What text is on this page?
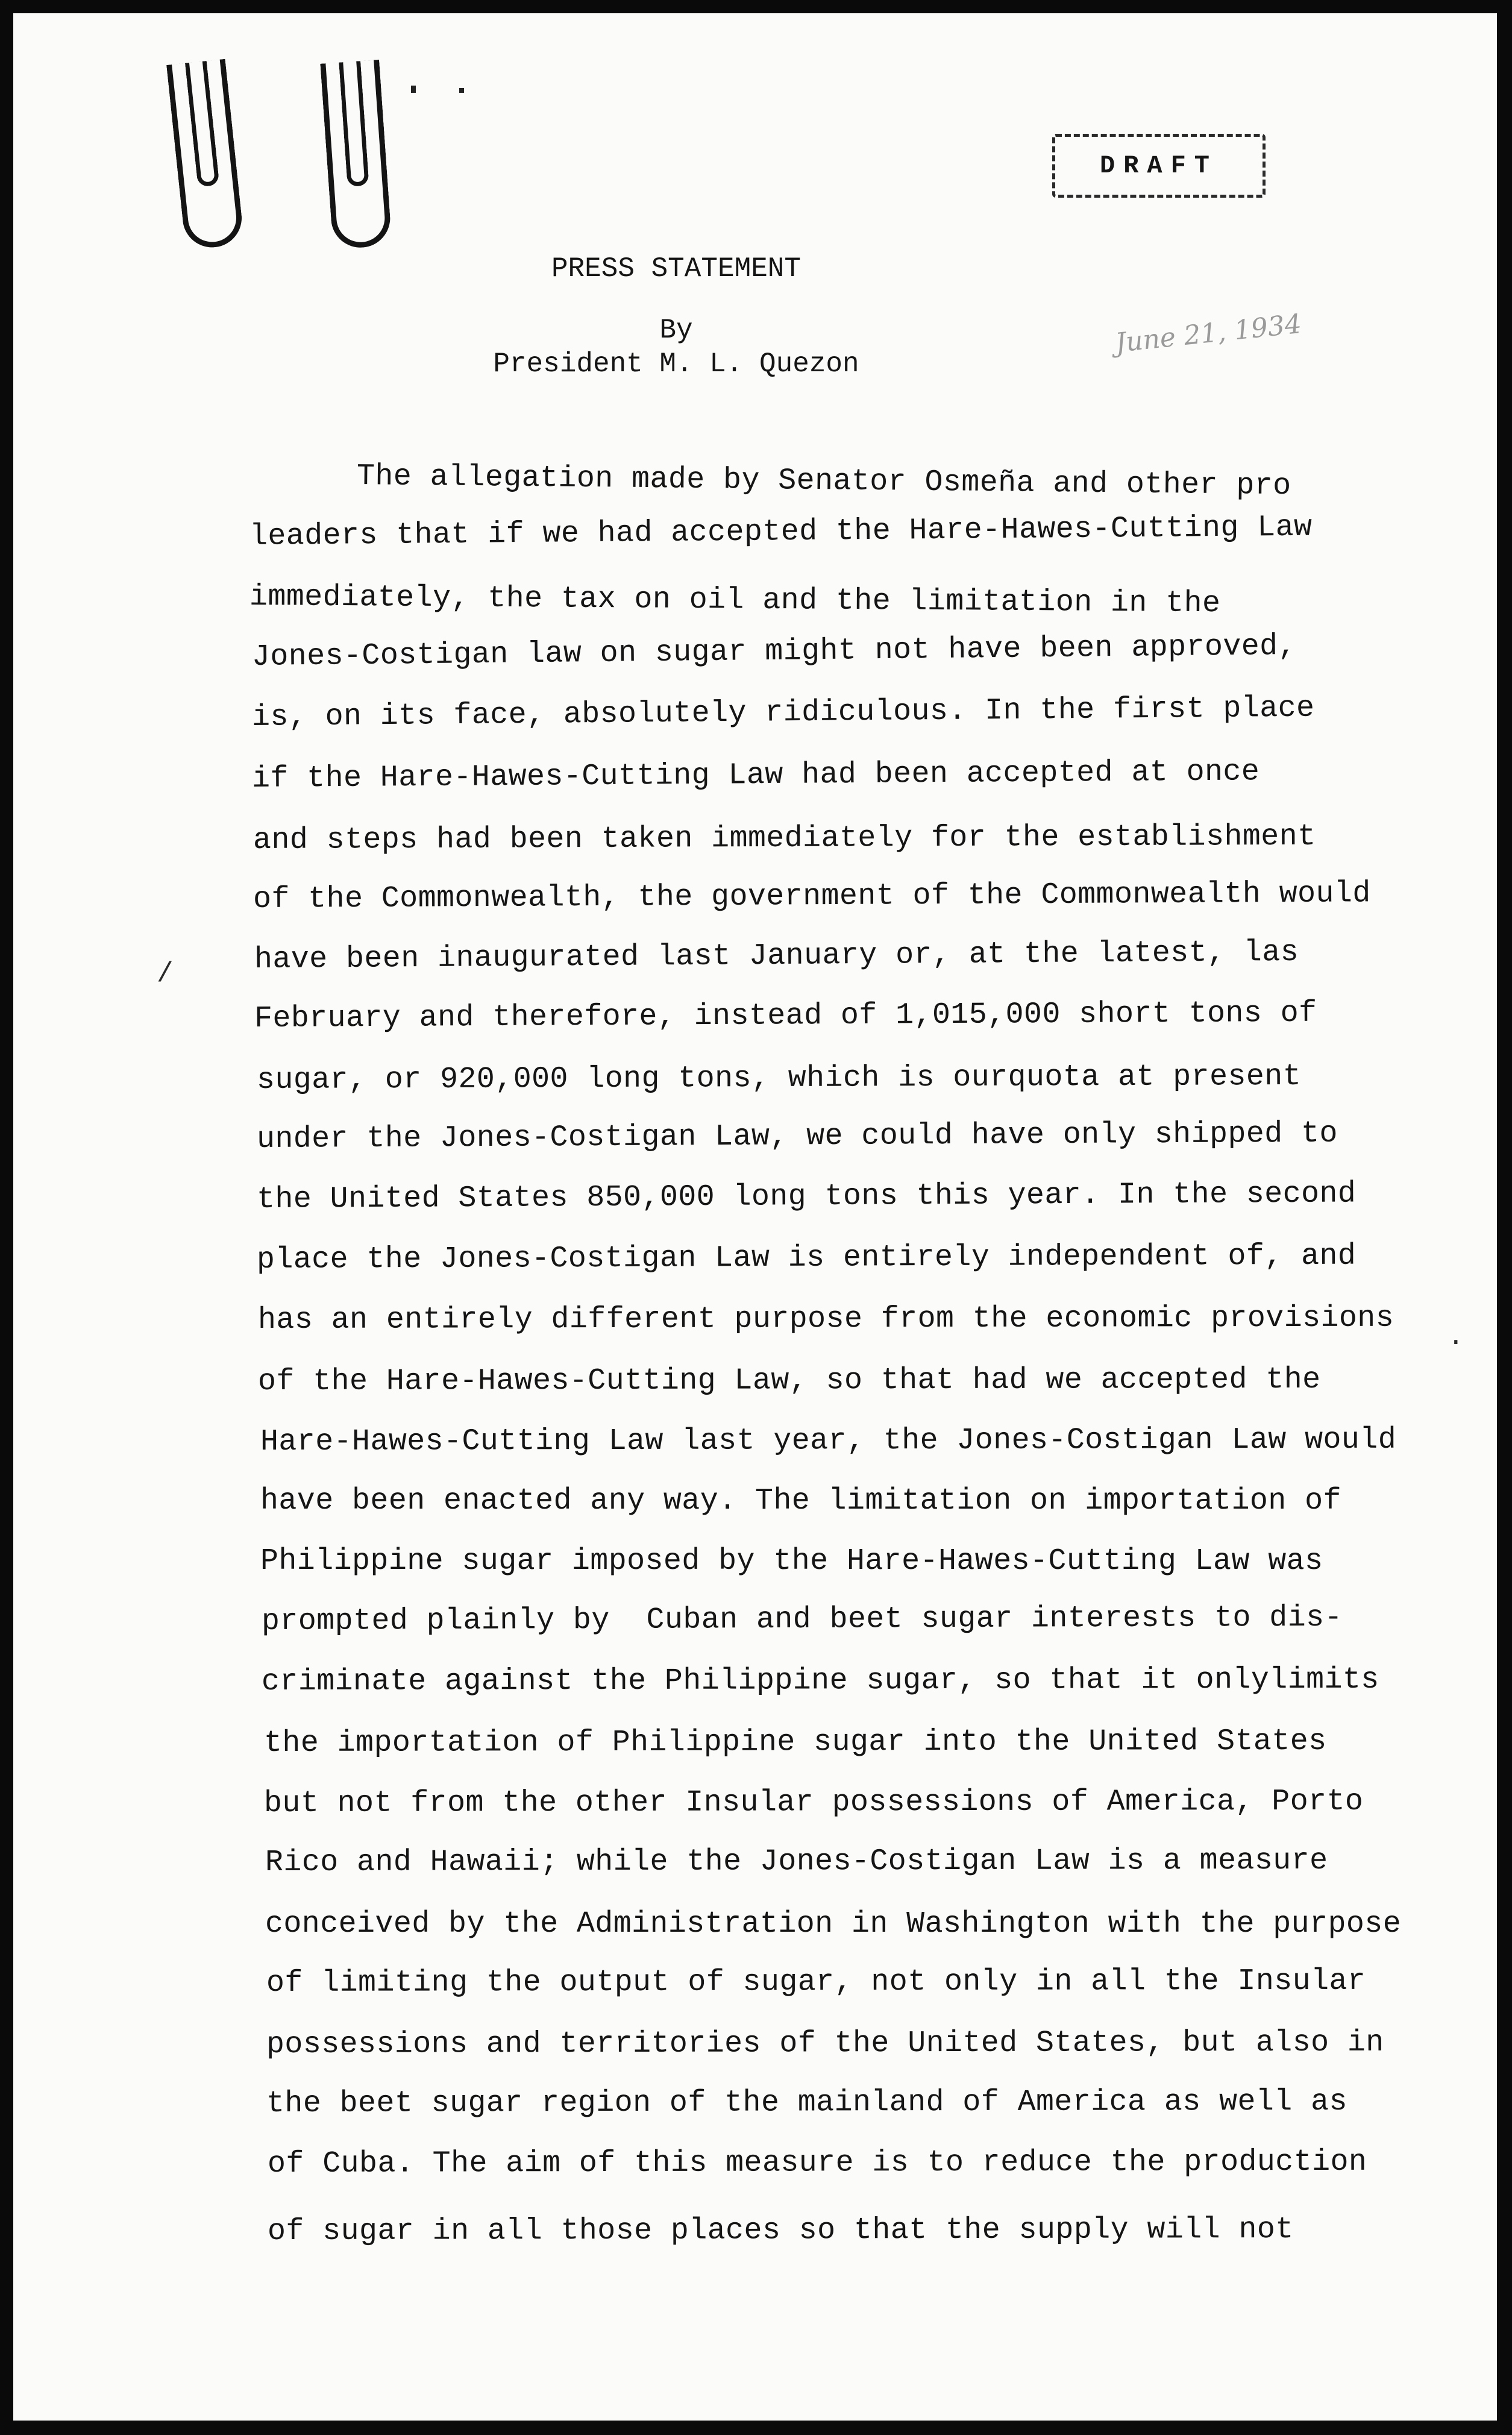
DRAFT
June 21, 1934
PRESS STATEMENT
By
President M. L. Quezon
The allegation made by Senator Osmeña and other pro
leaders that if we had accepted the Hare-Hawes-Cutting Law
immediately, the tax on oil and the limitation in the
Jones-Costigan law on sugar might not have been approved,
is, on its face, absolutely ridiculous. In the first place
if the Hare-Hawes-Cutting Law had been accepted at once
and steps had been taken immediately for the establishment
of the Commonwealth, the government of the Commonwealth would
have been inaugurated last January or, at the latest, las
February and therefore, instead of 1,015,000 short tons of
sugar, or 920,000 long tons, which is ourquota at present
under the Jones-Costigan Law, we could have only shipped to
the United States 850,000 long tons this year. In the second
place the Jones-Costigan Law is entirely independent of, and
has an entirely different purpose from the economic provisions
of the Hare-Hawes-Cutting Law, so that had we accepted the
Hare-Hawes-Cutting Law last year, the Jones-Costigan Law would
have been enacted any way. The limitation on importation of
Philippine sugar imposed by the Hare-Hawes-Cutting Law was
prompted plainly by  Cuban and beet sugar interests to dis-
criminate against the Philippine sugar, so that it onlylimits
the importation of Philippine sugar into the United States
but not from the other Insular possessions of America, Porto
Rico and Hawaii; while the Jones-Costigan Law is a measure
conceived by the Administration in Washington with the purpose
of limiting the output of sugar, not only in all the Insular
possessions and territories of the United States, but also in
the beet sugar region of the mainland of America as well as
of Cuba. The aim of this measure is to reduce the production
of sugar in all those places so that the supply will not
/
.
